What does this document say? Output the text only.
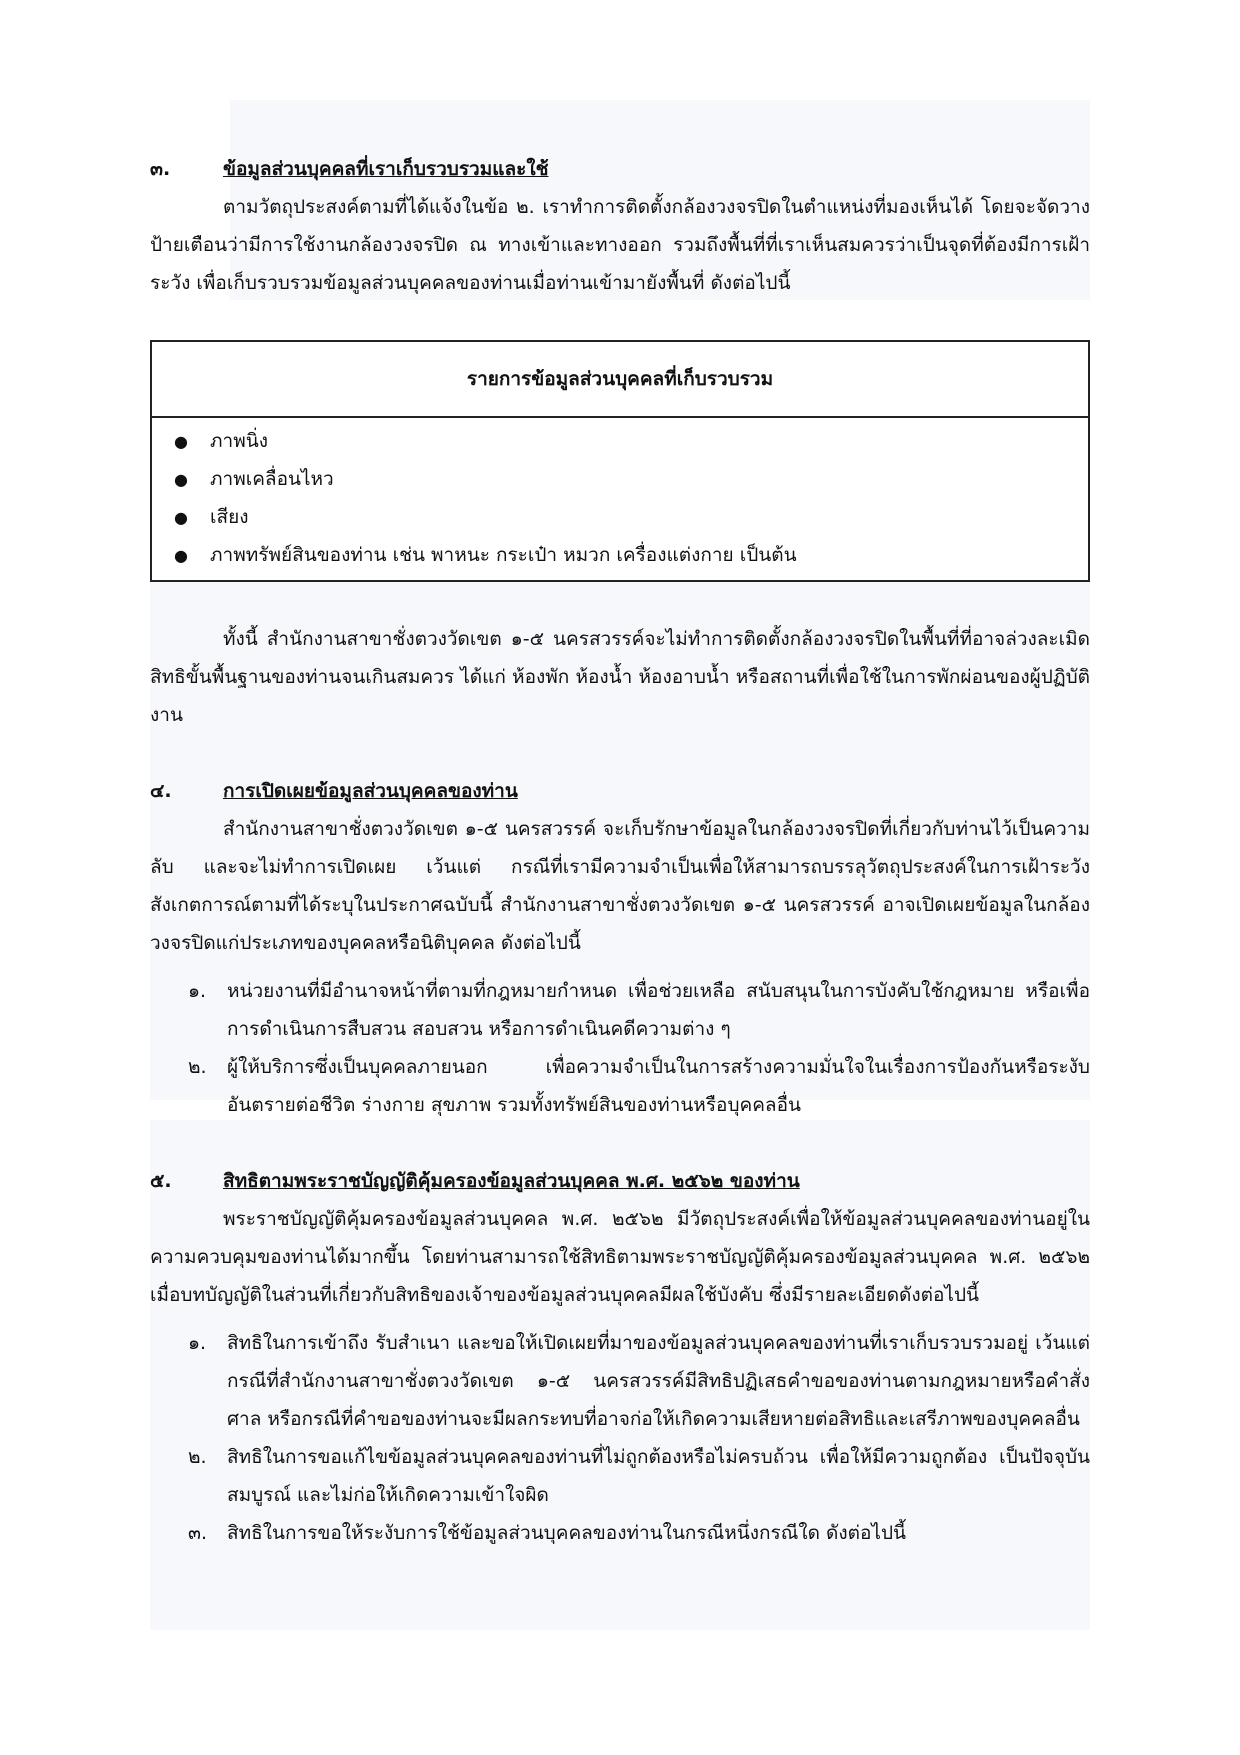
๓.	ข้อมูลส่วนบุคคลที่เราเก็บรวบรวมและใช้

ตามวัตถุประสงค์ตามที่ได้แจ้งในข้อ ๒. เราทำการติดตั้งกล้องวงจรปิดในตำแหน่งที่มองเห็นได้ โดยจะจัดวางป้ายเตือนว่ามีการใช้งานกล้องวงจรปิด ณ ทางเข้าและทางออก รวมถึงพื้นที่ที่เราเห็นสมควรว่าเป็นจุดที่ต้องมีการเฝ้าระวัง เพื่อเก็บรวบรวมข้อมูลส่วนบุคคลของท่านเมื่อท่านเข้ามายังพื้นที่ ดังต่อไปนี้

รายการข้อมูลส่วนบุคคลที่เก็บรวบรวม
●	ภาพนิ่ง
●	ภาพเคลื่อนไหว
●	เสียง
●	ภาพทรัพย์สินของท่าน เช่น พาหนะ กระเป๋า หมวก เครื่องแต่งกาย เป็นต้น

ทั้งนี้ สำนักงานสาขาชั่งตวงวัดเขต ๑-๕ นครสวรรค์จะไม่ทำการติดตั้งกล้องวงจรปิดในพื้นที่ที่อาจล่วงละเมิดสิทธิขั้นพื้นฐานของท่านจนเกินสมควร ได้แก่ ห้องพัก ห้องน้ำ ห้องอาบน้ำ หรือสถานที่เพื่อใช้ในการพักผ่อนของผู้ปฏิบัติงาน

๔.	การเปิดเผยข้อมูลส่วนบุคคลของท่าน

สำนักงานสาขาชั่งตวงวัดเขต ๑-๕ นครสวรรค์ จะเก็บรักษาข้อมูลในกล้องวงจรปิดที่เกี่ยวกับท่านไว้เป็นความลับ และจะไม่ทำการเปิดเผย เว้นแต่ กรณีที่เรามีความจำเป็นเพื่อให้สามารถบรรลุวัตถุประสงค์ในการเฝ้าระวังสังเกตการณ์ตามที่ได้ระบุในประกาศฉบับนี้ สำนักงานสาขาชั่งตวงวัดเขต ๑-๕ นครสวรรค์ อาจเปิดเผยข้อมูลในกล้องวงจรปิดแก่ประเภทของบุคคลหรือนิติบุคคล ดังต่อไปนี้

๑.	หน่วยงานที่มีอำนาจหน้าที่ตามที่กฎหมายกำหนด เพื่อช่วยเหลือ สนับสนุนในการบังคับใช้กฎหมาย หรือเพื่อการดำเนินการสืบสวน สอบสวน หรือการดำเนินคดีความต่าง ๆ
๒.	ผู้ให้บริการซึ่งเป็นบุคคลภายนอก เพื่อความจำเป็นในการสร้างความมั่นใจในเรื่องการป้องกันหรือระงับอันตรายต่อชีวิต ร่างกาย สุขภาพ รวมทั้งทรัพย์สินของท่านหรือบุคคลอื่น
๕.	สิทธิตามพระราชบัญญัติคุ้มครองข้อมูลส่วนบุคคล พ.ศ. ๒๕๖๒ ของท่าน

พระราชบัญญัติคุ้มครองข้อมูลส่วนบุคคล พ.ศ. ๒๕๖๒ มีวัตถุประสงค์เพื่อให้ข้อมูลส่วนบุคคลของท่านอยู่ในความควบคุมของท่านได้มากขึ้น โดยท่านสามารถใช้สิทธิตามพระราชบัญญัติคุ้มครองข้อมูลส่วนบุคคล พ.ศ. ๒๕๖๒ เมื่อบทบัญญัติในส่วนที่เกี่ยวกับสิทธิของเจ้าของข้อมูลส่วนบุคคลมีผลใช้บังคับ ซึ่งมีรายละเอียดดังต่อไปนี้

๑.	สิทธิในการเข้าถึง รับสำเนา และขอให้เปิดเผยที่มาของข้อมูลส่วนบุคคลของท่านที่เราเก็บรวบรวมอยู่ เว้นแต่กรณีที่สำนักงานสาขาชั่งตวงวัดเขต ๑-๕ นครสวรรค์มีสิทธิปฏิเสธคำขอของท่านตามกฎหมายหรือคำสั่งศาล หรือกรณีที่คำขอของท่านจะมีผลกระทบที่อาจก่อให้เกิดความเสียหายต่อสิทธิและเสรีภาพของบุคคลอื่น
๒.	สิทธิในการขอแก้ไขข้อมูลส่วนบุคคลของท่านที่ไม่ถูกต้องหรือไม่ครบถ้วน เพื่อให้มีความถูกต้อง เป็นปัจจุบัน สมบูรณ์ และไม่ก่อให้เกิดความเข้าใจผิด
๓.	สิทธิในการขอให้ระงับการใช้ข้อมูลส่วนบุคคลของท่านในกรณีหนึ่งกรณีใด ดังต่อไปนี้
